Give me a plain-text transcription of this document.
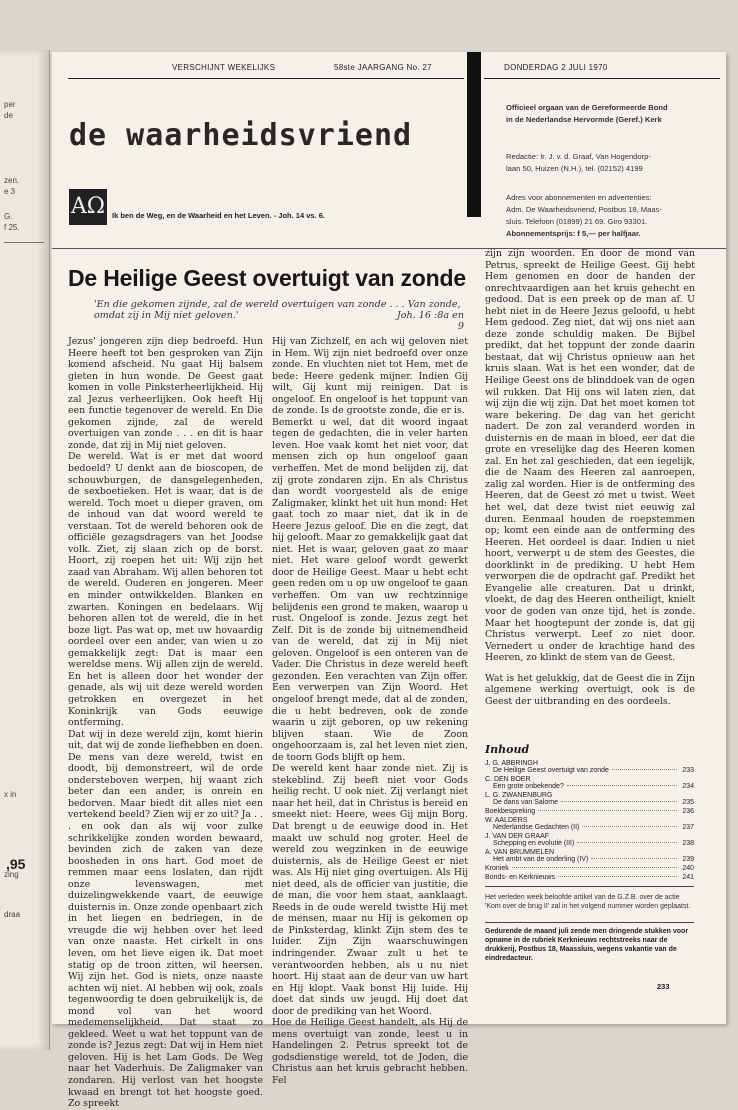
per
de
zen.
e 3
G.
f 25.
x in
,95
zing
draa
VERSCHIJNT WEKELIJKS	58ste JAARGANG No. 27	DONDERDAG 2 JULI 1970
de waarheidsvriend
AΩ Ik ben de Weg, en de Waarheid en het Leven. - Joh. 14 vs. 6.
Officieel orgaan van de Gereformeerde Bond
in de Nederlandse Hervormde (Geref.) Kerk
Redactie: Ir. J. v. d. Graaf, Van Hogendorp-
laan 50, Huizen (N.H.), tel. (02152) 4199
Adres voor abonnementen en advertenties:
Adm. De Waarheidsvriend, Postbus 18, Maas-
sluis. Telefoon (01899) 21 69. Giro 93301.
Abonnementsprijs: f 5,— per halfjaar.
De Heilige Geest overtuigt van zonde
'En die gekomen zijnde, zal de wereld overtuigen van zonde . . . Van zonde,
omdat zij in Mij niet geloven.'	Joh. 16 :8a en 9

Jezus' jongeren zijn diep bedroefd. Hun Heere heeft tot ben gesproken van Zijn komend afscheid. Nu gaat Hij balsem gieten in hun wonde. De Geest gaat komen in volle Pinksterheerlijkheid. Hij zal Jezus verheerlijken. Ook heeft Hij een functie tegenover de wereld. En Die gekomen zijnde, zal de wereld overtuigen van zonde . . . en dit is haar zonde, dat zij in Mij niet geloven.

De wereld. Wat is er met dat woord bedoeld? U denkt aan de bioscopen, de schouwburgen, de dansgelegenheden, de sexboetieken. Het is waar, dat is de wereld. Toch moet u dieper graven, om de inhoud van dat woord wereld te verstaan. Tot de wereld behoren ook de officiële gezagsdragers van het Joodse volk. Ziet, zij slaan zich op de borst. Hoort, zij roepen het uit: Wij zijn het zaad van Abraham. Wij allen behoren tot de wereld. Ouderen en jongeren. Meer en minder ontwikkelden. Blanken en zwarten. Koningen en bedelaars. Wij behoren allen tot de wereld, die in het boze ligt. Pas wat op, met uw hovaardig oordeel over een ander, van wien u zo gemakkelijk zegt: Dat is maar een wereldse mens. Wij allen zijn de wereld. En het is alleen door het wonder der genade, als wij uit deze wereld worden getrokken en overgezet in het Koninkrijk van Gods eeuwige ontferming.

Dat wij in deze wereld zijn, komt hierin uit, dat wij de zonde liefhebben en doen. De mens van deze wereld, twist en doodt, bij demonstreert, wil de orde ondersteboven werpen, hij waant zich beter dan een ander, is onrein en bedorven. Maar biedt dit alles niet een vertekend beeld? Zien wij er zo uit? Ja . . . en ook dan als wij voor zulke schrikkelijke zonden worden bewaard, bevinden zich de zaken van deze boosheden in ons hart. God moet de remmen maar eens loslaten, dan rijdt onze levenswagen, met duizelingwekkende vaart, de eeuwige duisternis in. Onze zonde openbaart zich in het liegen en bedriegen, in de vreugde die wij hebben over het leed van onze naaste. Het cirkelt in ons leven, om het lieve eigen ik. Dat moet statig op de troon zitten, wil heersen. Wij zijn het. God is niets, onze naaste achten wij niet. Al hebben wij ook, zoals tegenwoordig te doen gebruikelijk is, de mond vol van het woord medemenselijkheid. Dat staat zo gekleed. Weet u wat het toppunt van de zonde is? Jezus zegt: Dat wij in Hem niet geloven. Hij is het Lam Gods. De Weg naar het Vaderhuis. De Zaligmaker van zondaren. Hij verlost van het hoogste kwaad en brengt tot het hoogste goed. Zo spreekt

Hij van Zichzelf, en ach wij geloven niet in Hem. Wij zijn niet bedroefd over onze zonde. En vluchten niet tot Hem, met de bede: Heere gedenk mijner. Indien Gij wilt, Gij kunt mij reinigen. Dat is ongeloof. En ongeloof is het toppunt van de zonde. Is de grootste zonde, die er is.

Bemerkt u wel, dat dit woord ingaat tegen de gedachten, die in veler harten leven. Hoe vaak komt het niet voor, dat mensen zich op hun ongeloof gaan verheffen. Met de mond belijden zij, dat zij grote zondaren zijn. En als Christus dan wordt voorgesteld als de enige Zaligmaker, klinkt het uit hun mond: Het gaat toch zo maar niet, dat ik in de Heere Jezus geloof. Die en die zegt, dat hij gelooft. Maar zo gemakkelijk gaat dat niet. Het is waar, geloven gaat zo maar niet. Het ware geloof wordt gewerkt door de Heilige Geest. Maar u hebt echt geen reden om u op uw ongeloof te gaan verheffen. Om van uw rechtzinnige belijdenis een grond te maken, waarop u rust. Ongeloof is zonde. Jezus zegt het Zelf. Dit is de zonde bij uitnemendheid van de wereld, dat zij in Mij niet geloven. Ongeloof is een onteren van de Vader. Die Christus in deze wereld heeft gezonden. Een verachten van Zijn offer. Een verwerpen van Zijn Woord. Het ongeloof brengt mede, dat al de zonden, die u hebt bedreven, ook de zonde waarin u zijt geboren, op uw rekening blijven staan. Wie de Zoon ongehoorzaam is, zal het leven niet zien, de toorn Gods blijft op hem.

De wereld kent haar zonde niet. Zij is stekeblind. Zij beeft niet voor Gods heilig recht. U ook niet. Zij verlangt niet naar het heil, dat in Christus is bereid en smeekt niet: Heere, wees Gij mijn Borg. Dat brengt u de eeuwige dood in. Het maakt uw schuld nog groter. Heel de wereld zou wegzinken in de eeuwige duisternis, als de Heilige Geest er niet was. Als Hij niet ging overtuigen. Als Hij niet deed, als de officier van justitie, die de man, die voor hem staat, aanklaagt. Reeds in de oude wereld twistte Hij met de mensen, maar nu Hij is gekomen op de Pinksterdag, klinkt Zijn stem des te luider. Zijn Zijn waarschuwingen indringender. Zwaar zult u het te verantwoorden hebben, als u nu niet hoort. Hij staat aan de deur van uw hart en Hij klopt. Vaak bonst Hij luide. Hij doet dat sinds uw jeugd. Hij doet dat door de prediking van het Woord.

Hoe de Heilige Geest handelt, als Hij de mens overtuigt van zonde, leest u in Handelingen 2. Petrus spreekt tot de godsdienstige wereld, tot de Joden, die Christus aan het kruis gebracht hebben. Fel

zijn zijn woorden. En door de mond van Petrus, spreekt de Heilige Geest. Gij hebt Hem genomen en door de handen der onrechtvaardigen aan het kruis gehecht en gedood. Dat is een preek op de man af. U hebt niet in de Heere Jezus geloofd, u hebt Hem gedood. Zeg niet, dat wij ons niet aan deze zonde schuldig maken. De Bijbel predikt, dat het toppunt der zonde daarin bestaat, dat wij Christus opnieuw aan het kruis slaan. Wat is het een wonder, dat de Heilige Geest ons de blinddoek van de ogen wil rukken. Dat Hij ons wil laten zien, dat wij zijn die wij zijn. Dat het moet komen tot ware bekering. De dag van het gericht nadert. De zon zal veranderd worden in duisternis en de maan in bloed, eer dat die grote en vreselijke dag des Heeren komen zal. En het zal geschieden, dat een iegelijk, die de Naam des Heeren zal aanroepen, zalig zal worden. Hier is de ontferming des Heeren, dat de Geest zó met u twist. Weet het wel, dat deze twist niet eeuwig zal duren. Eenmaal houden de roepstemmen op; komt een einde aan de ontferming des Heeren. Het oordeel is daar. Indien u niet hoort, verwerpt u de stem des Geestes, die doorklinkt in de prediking. U hebt Hem verworpen die de opdracht gaf. Predikt het Evangelie alle creaturen. Dat u drinkt, vloekt, de dag des Heeren ontheiligt, knielt voor de goden van onze tijd, het is zonde. Maar het hoogtepunt der zonde is, dat gij Christus verwerpt. Leef zo niet door. Vernedert u onder de krachtige hand des Heeren, zo klinkt de stem van de Geest.

Wat is het gelukkig, dat de Geest die in Zijn algemene werking overtuigt, ook is de Geest der uitbranding en des oordeels.

Inhoud
J. G. ABBRINGH
De Heilige Geest overtuigt van zonde	233
C. DEN BOER
Een grote onbekende?	234
L. G. ZWANENBURG
De dans van Salome	235
Boekbespreking	236
W. AALDERS
Nederlandse Gedachten (II)	237
J. VAN DER GRAAF
Schepping en evolutie (III)	238
A. VAN BRUMMELEN
Het ambt van de onderling (IV)	239
Kroniek	240
Bonds- en Kerknieuws	241
Het verleden week beloofde artikel van de G.Z.B. over de actie 'Kom over de brug II' zal in het volgend nummer worden geplaatst.
Gedurende de maand juli zende men dringende stukken voor opname in de rubriek Kerknieuws rechtstreeks naar de drukkerij, Postbus 18, Maassluis, wegens vakantie van de eindredacteur.
233
